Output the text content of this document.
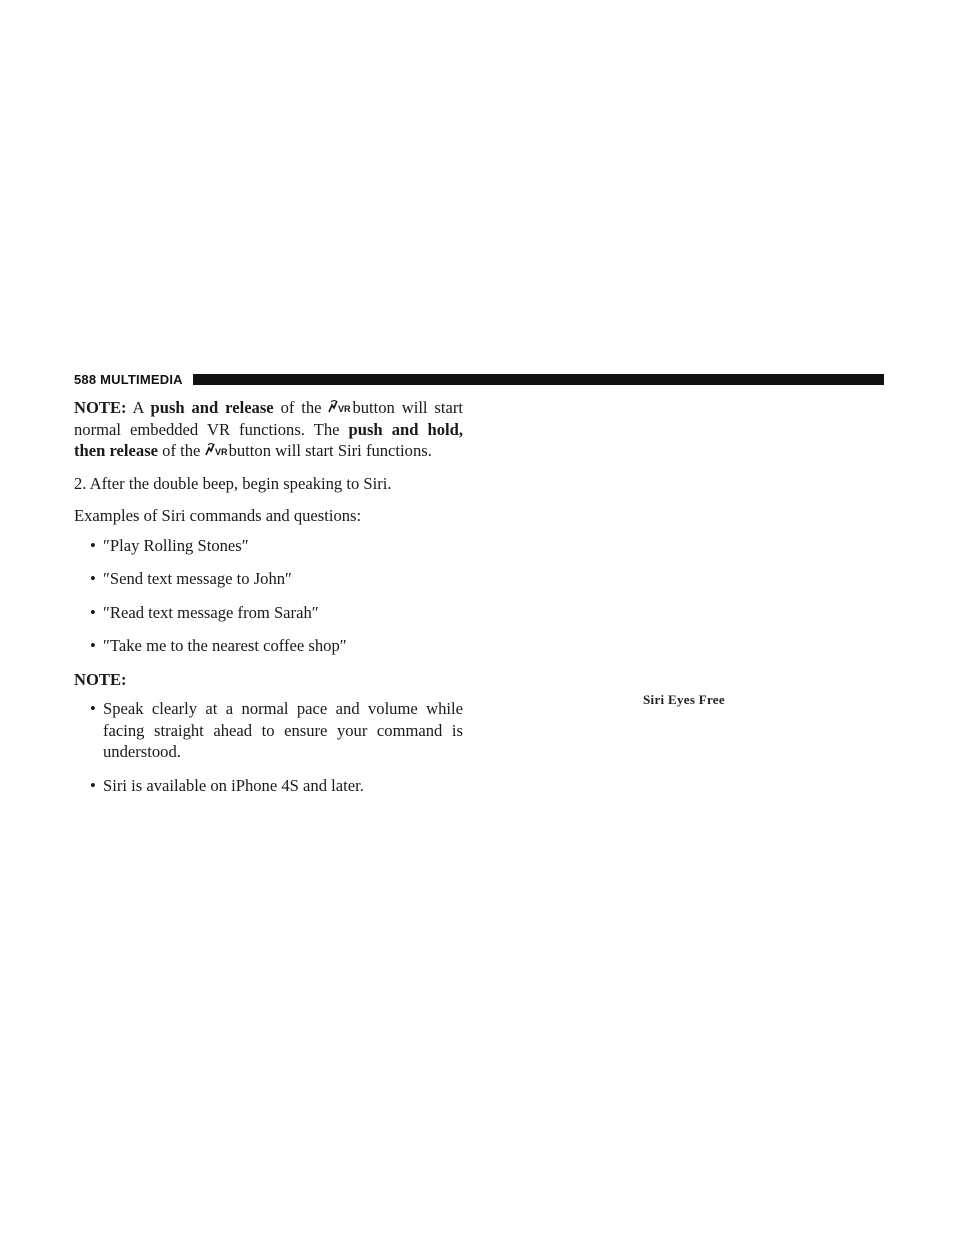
588 MULTIMEDIA

NOTE: A push and release of the VR button will start normal embedded VR functions. The push and hold, then release of the VR button will start Siri functions.

2. After the double beep, begin speaking to Siri.

Examples of Siri commands and questions:

• ″Play Rolling Stones″
• ″Send text message to John″
• ″Read text message from Sarah″
• ″Take me to the nearest coffee shop″

NOTE:

• Speak clearly at a normal pace and volume while facing straight ahead to ensure your command is understood.
• Siri is available on iPhone 4S and later.
Siri Eyes Free
